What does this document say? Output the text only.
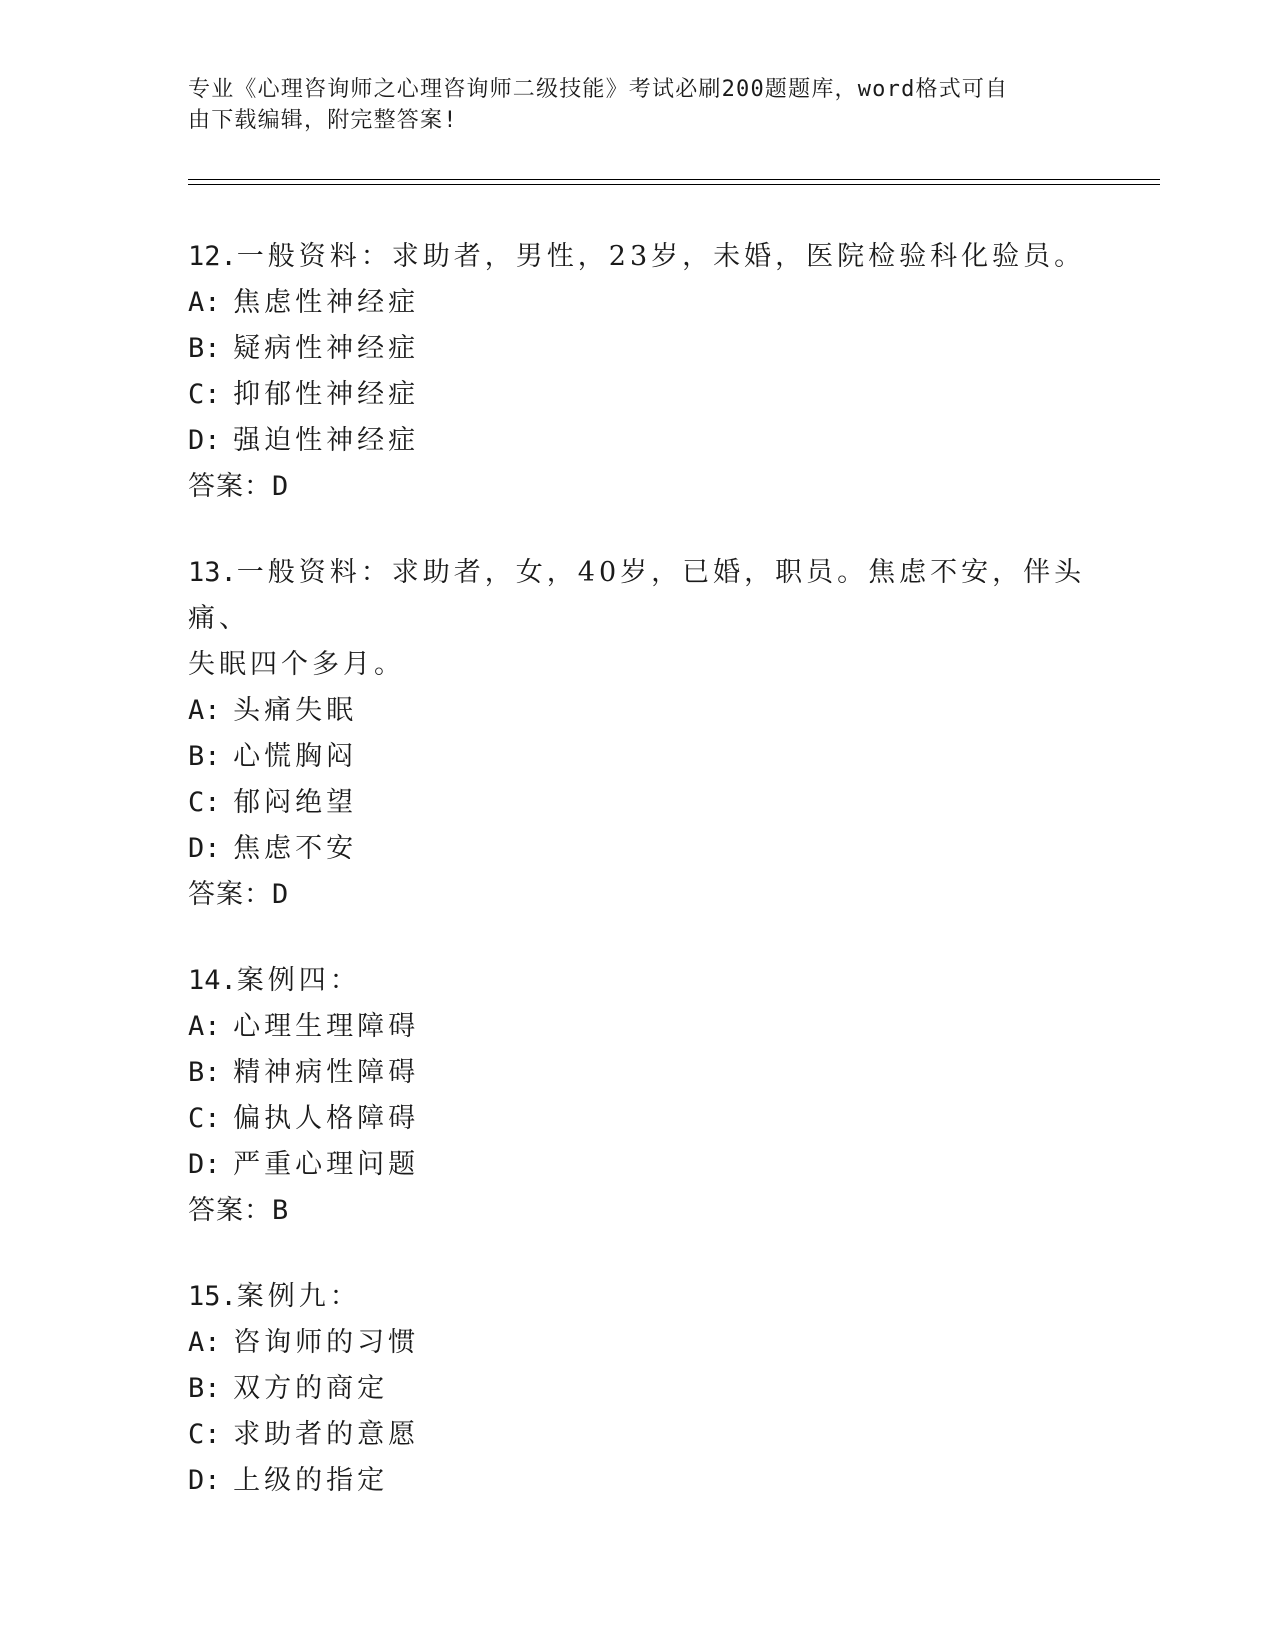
专业《心理咨询师之心理咨询师二级技能》考试必刷200题题库，word格式可自
由下载编辑，附完整答案!
12.一般资料：求助者，男性，23岁，未婚，医院检验科化验员。
A: 焦虑性神经症
B: 疑病性神经症
C: 抑郁性神经症
D: 强迫性神经症
答案：D
13.一般资料：求助者，女，40岁，已婚，职员。焦虑不安，伴头痛、
失眠四个多月。
A: 头痛失眠
B: 心慌胸闷
C: 郁闷绝望
D: 焦虑不安
答案：D
14.案例四：
A: 心理生理障碍
B: 精神病性障碍
C: 偏执人格障碍
D: 严重心理问题
答案：B
15.案例九：
A: 咨询师的习惯
B: 双方的商定
C: 求助者的意愿
D: 上级的指定
